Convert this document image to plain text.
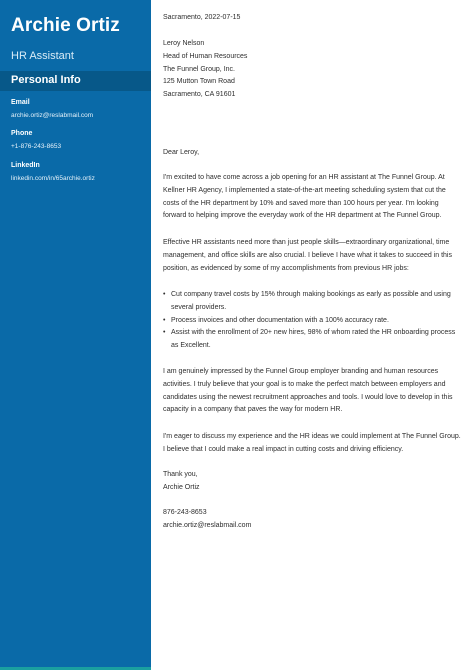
Archie Ortiz
HR Assistant
Personal Info
Email
archie.ortiz@reslabmail.com
Phone
+1-876-243-8653
LinkedIn
linkedin.com/in/65archie.ortiz
Sacramento, 2022-07-15
Leroy Nelson
Head of Human Resources
The Funnel Group, Inc.
125 Mutton Town Road
Sacramento, CA 91601
Dear Leroy,

I'm excited to have come across a job opening for an HR assistant at The Funnel Group. At Kellner HR Agency, I implemented a state-of-the-art meeting scheduling system that cut the costs of the HR department by 10% and saved more than 100 hours per year. I'm looking forward to helping improve the everyday work of the HR department at The Funnel Group.

Effective HR assistants need more than just people skills—extraordinary organizational, time management, and office skills are also crucial. I believe I have what it takes to succeed in this position, as evidenced by some of my accomplishments from previous HR jobs:

• Cut company travel costs by 15% through making bookings as early as possible and using several providers.
• Process invoices and other documentation with a 100% accuracy rate.
• Assist with the enrollment of 20+ new hires, 98% of whom rated the HR onboarding process as Excellent.

I am genuinely impressed by the Funnel Group employer branding and human resources activities. I truly believe that your goal is to make the perfect match between employers and candidates using the newest recruitment approaches and tools. I would love to develop in this capacity in a company that paves the way for modern HR.

I'm eager to discuss my experience and the HR ideas we could implement at The Funnel Group. I believe that I could make a real impact in cutting costs and driving efficiency.

Thank you,
Archie Ortiz
876-243-8653
archie.ortiz@reslabmail.com
